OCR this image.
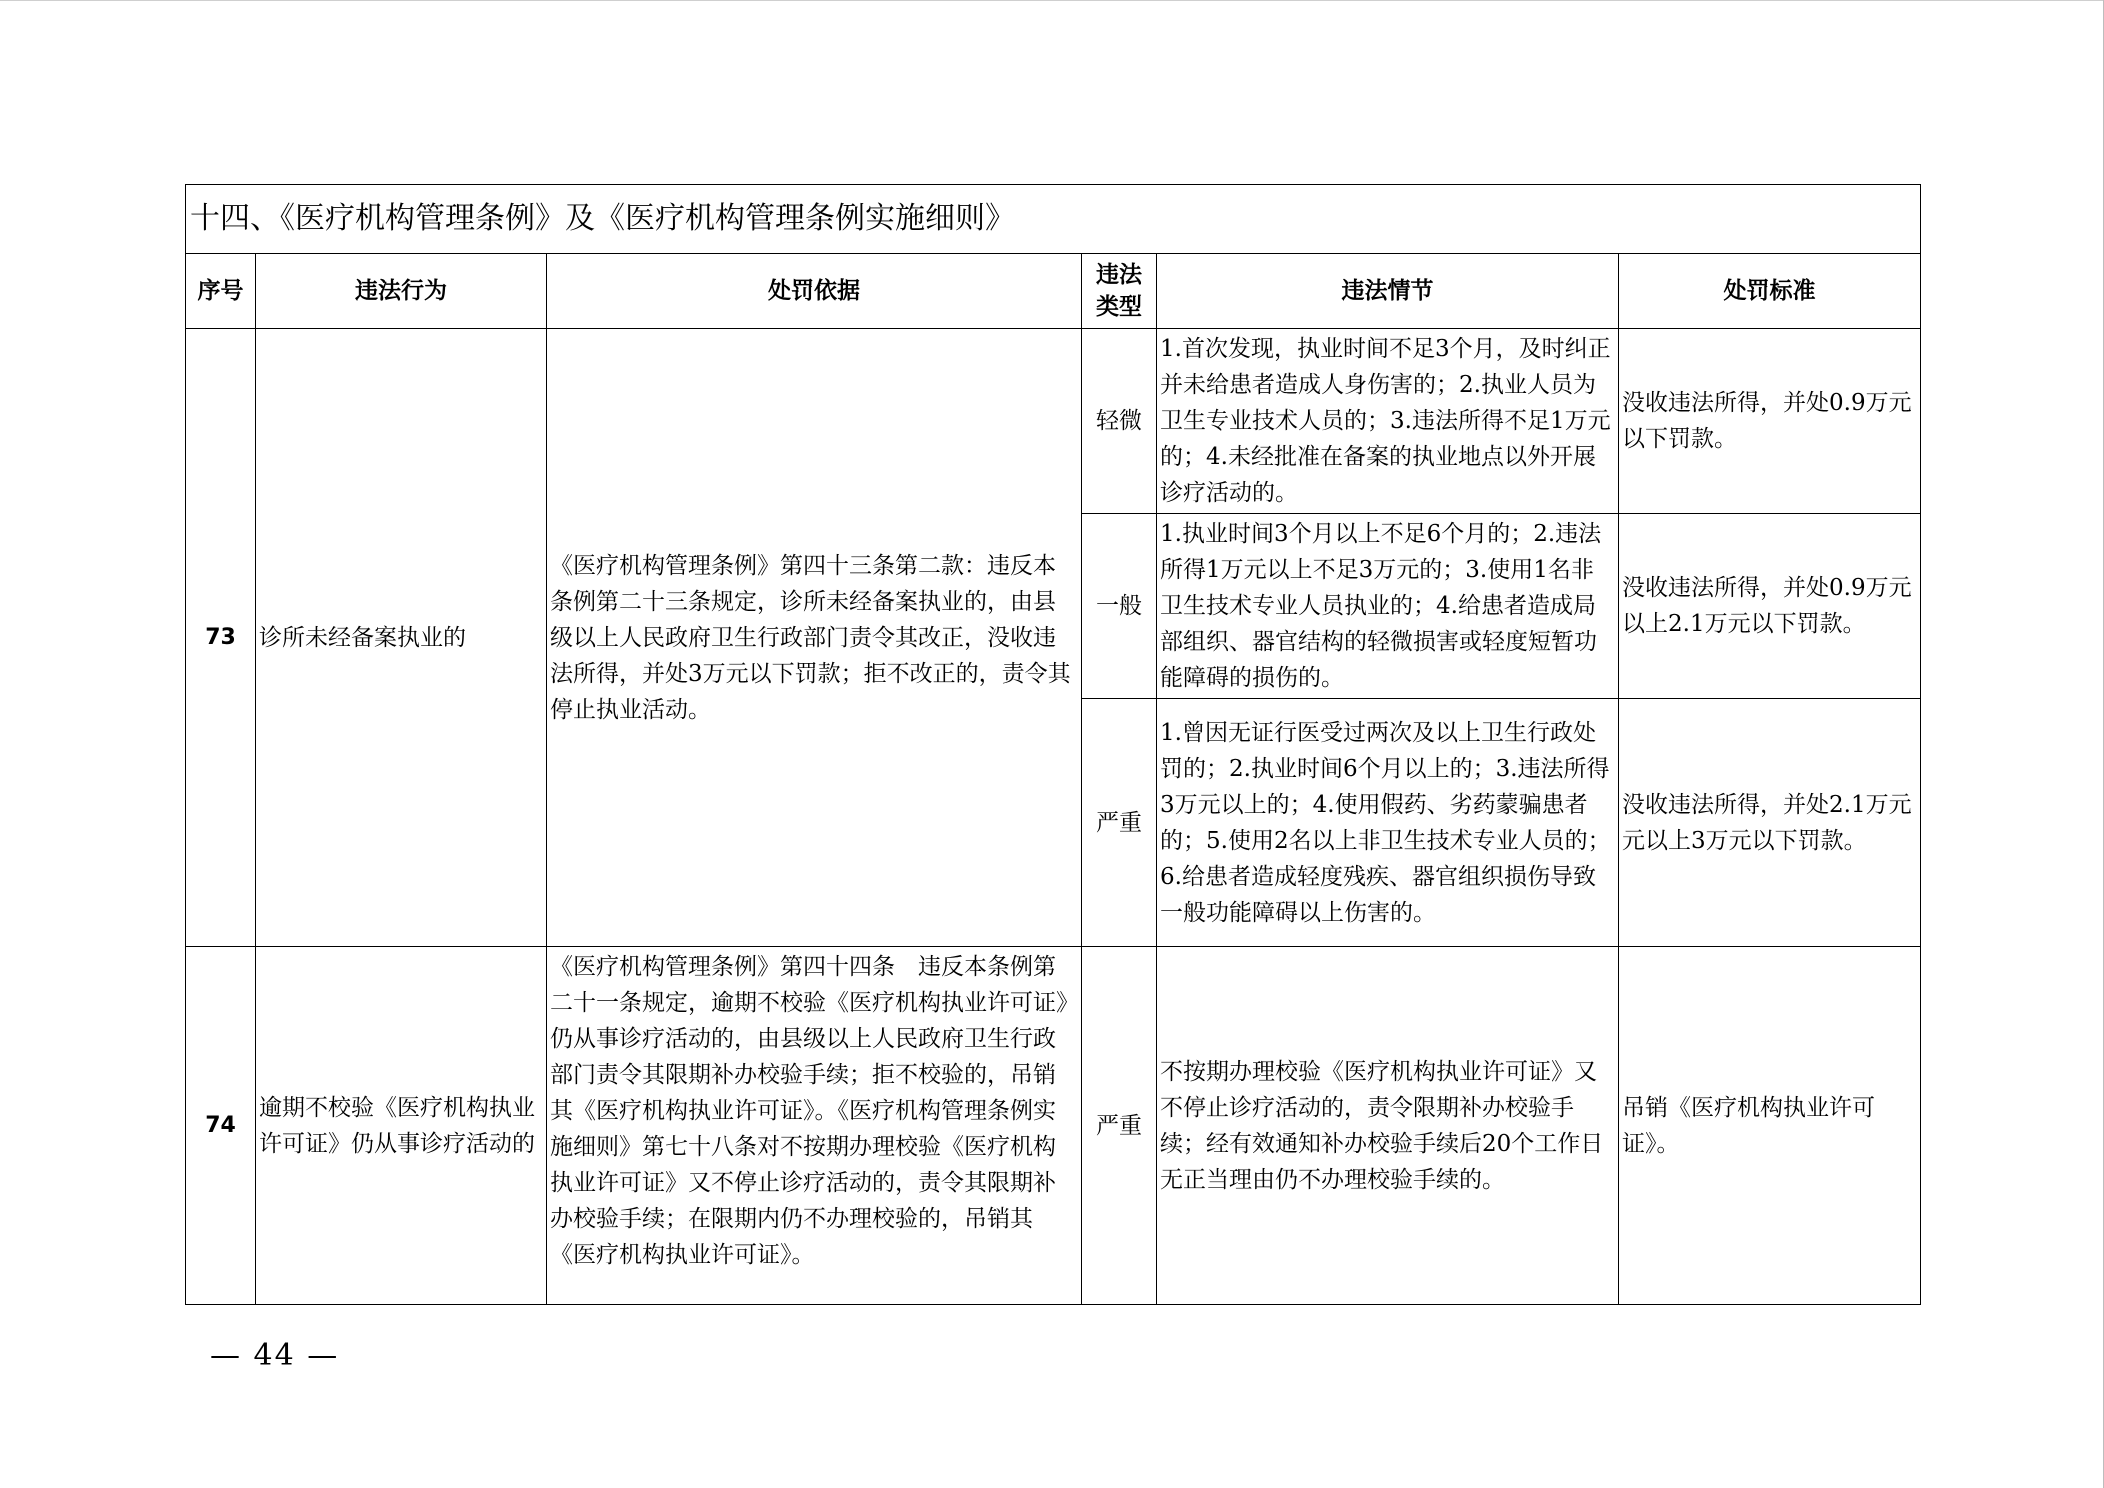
十四、《医疗机构管理条例》及《医疗机构管理条例实施细则》					
序号	违法行为	处罚依据	违法类型	违法情节	处罚标准
73	诊所未经备案执业的	《医疗机构管理条例》第四十三条第二款：违反本条例第二十三条规定，诊所未经备案执业的，由县级以上人民政府卫生行政部门责令其改正，没收违法所得，并处3万元以下罚款；拒不改正的，责令其停止执业活动。	轻微	1.首次发现，执业时间不足3个月，及时纠正并未给患者造成人身伤害的；2.执业人员为卫生专业技术人员的；3.违法所得不足1万元的；4.未经批准在备案的执业地点以外开展诊疗活动的。	没收违法所得，并处0.9万元以下罚款。
			一般	1.执业时间3个月以上不足6个月的；2.违法所得1万元以上不足3万元的；3.使用1名非卫生技术专业人员执业的；4.给患者造成局部组织、器官结构的轻微损害或轻度短暂功能障碍的损伤的。	没收违法所得，并处0.9万元以上2.1万元以下罚款。
			严重	1.曾因无证行医受过两次及以上卫生行政处罚的；2.执业时间6个月以上的；3.违法所得3万元以上的；4.使用假药、劣药蒙骗患者的；5.使用2名以上非卫生技术专业人员的；6.给患者造成轻度残疾、器官组织损伤导致一般功能障碍以上伤害的。	没收违法所得，并处2.1万元元以上3万元以下罚款。
74	逾期不校验《医疗机构执业许可证》仍从事诊疗活动的	《医疗机构管理条例》第四十四条　违反本条例第二十一条规定，逾期不校验《医疗机构执业许可证》仍从事诊疗活动的，由县级以上人民政府卫生行政部门责令其限期补办校验手续；拒不校验的，吊销其《医疗机构执业许可证》。《医疗机构管理条例实施细则》第七十八条对不按期办理校验《医疗机构执业许可证》又不停止诊疗活动的，责令其限期补办校验手续；在限期内仍不办理校验的，吊销其《医疗机构执业许可证》。	严重	不按期办理校验《医疗机构执业许可证》又不停止诊疗活动的，责令限期补办校验手续；经有效通知补办校验手续后20个工作日无正当理由仍不办理校验手续的。	吊销《医疗机构执业许可证》。
— 44 —
